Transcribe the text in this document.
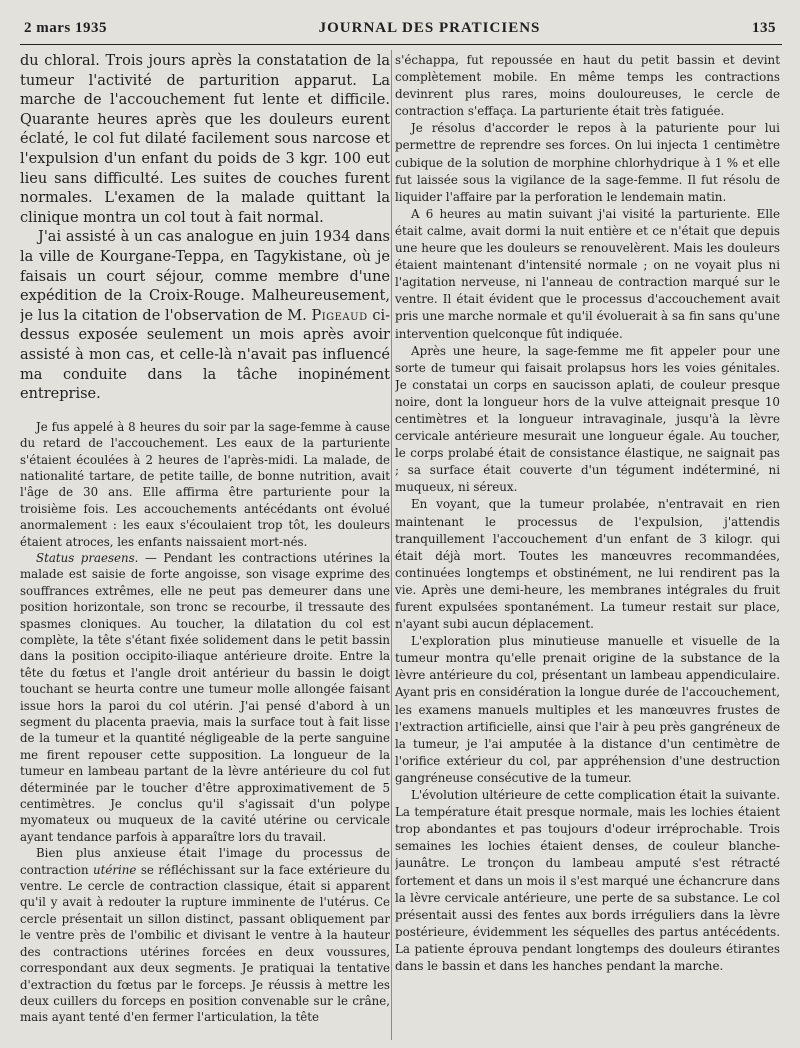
2 mars 1935	JOURNAL DES PRATICIENS	135

du chloral. Trois jours après la constatation de la tumeur l'activité de parturition apparut. La marche de l'accouchement fut lente et difficile. Quarante heures après que les douleurs eurent éclaté, le col fut dilaté facilement sous narcose et l'expulsion d'un enfant du poids de 3 kgr. 100 eut lieu sans difficulté. Les suites de couches furent normales. L'examen de la malade quittant la clinique montra un col tout à fait normal.

J'ai assisté à un cas analogue en juin 1934 dans la ville de Kourgane-Teppa, en Tagykistane, où je faisais un court séjour, comme membre d'une expédition de la Croix-Rouge. Malheureusement, je lus la citation de l'observation de M. Pigeaud ci-dessus exposée seulement un mois après avoir assisté à mon cas, et celle-là n'avait pas influencé ma conduite dans la tâche inopinément entreprise.

Je fus appelé à 8 heures du soir par la sage-femme à cause du retard de l'accouchement. Les eaux de la parturiente s'étaient écoulées à 2 heures de l'après-midi. La malade, de nationalité tartare, de petite taille, de bonne nutrition, avait l'âge de 30 ans. Elle affirma être parturiente pour la troisième fois. Les accouchements antécédants ont évolué anormalement : les eaux s'écoulaient trop tôt, les douleurs étaient atroces, les enfants naissaient mort-nés.

Status praesens. — Pendant les contractions utérines la malade est saisie de forte angoisse, son visage exprime des souffrances extrêmes, elle ne peut pas demeurer dans une position horizontale, son tronc se recourbe, il tressaute des spasmes cloniques. Au toucher, la dilatation du col est complète, la tête s'étant fixée solidement dans le petit bassin dans la position occipito-iliaque antérieure droite. Entre la tête du fœtus et l'angle droit antérieur du bassin le doigt touchant se heurta contre une tumeur molle allongée faisant issue hors la paroi du col utérin. J'ai pensé d'abord à un segment du placenta praevia, mais la surface tout à fait lisse de la tumeur et la quantité négligeable de la perte sanguine me firent repouser cette supposition. La longueur de la tumeur en lambeau partant de la lèvre antérieure du col fut déterminée par le toucher d'être approximativement de 5 centimètres. Je conclus qu'il s'agissait d'un polype myomateux ou muqueux de la cavité utérine ou cervicale ayant tendance parfois à apparaître lors du travail.

Bien plus anxieuse était l'image du processus de contraction utérine se réfléchissant sur la face extérieure du ventre. Le cercle de contraction classique, était si apparent qu'il y avait à redouter la rupture imminente de l'utérus. Ce cercle présentait un sillon distinct, passant obliquement par le ventre près de l'ombilic et divisant le ventre à la hauteur des contractions utérines forcées en deux voussures, correspondant aux deux segments. Je pratiquai la tentative d'extraction du fœtus par le forceps. Je réussis à mettre les deux cuillers du forceps en position convenable sur le crâne, mais ayant tenté d'en fermer l'articulation, la tête

s'échappa, fut repoussée en haut du petit bassin et devint complètement mobile. En même temps les contractions devinrent plus rares, moins douloureuses, le cercle de contraction s'effaça. La parturiente était très fatiguée.

Je résolus d'accorder le repos à la paturiente pour lui permettre de reprendre ses forces. On lui injecta 1 centimètre cubique de la solution de morphine chlorhydrique à 1 % et elle fut laissée sous la vigilance de la sage-femme. Il fut résolu de liquider l'affaire par la perforation le lendemain matin.

A 6 heures au matin suivant j'ai visité la parturiente. Elle était calme, avait dormi la nuit entière et ce n'était que depuis une heure que les douleurs se renouvelèrent. Mais les douleurs étaient maintenant d'intensité normale ; on ne voyait plus ni l'agitation nerveuse, ni l'anneau de contraction marqué sur le ventre. Il était évident que le processus d'accouchement avait pris une marche normale et qu'il évoluerait à sa fin sans qu'une intervention quelconque fût indiquée.

Après une heure, la sage-femme me fit appeler pour une sorte de tumeur qui faisait prolapsus hors les voies génitales. Je constatai un corps en saucisson aplati, de couleur presque noire, dont la longueur hors de la vulve atteignait presque 10 centimètres et la longueur intravaginale, jusqu'à la lèvre cervicale antérieure mesurait une longueur égale. Au toucher, le corps prolabé était de consistance élastique, ne saignait pas ; sa surface était couverte d'un tégument indéterminé, ni muqueux, ni séreux.

En voyant, que la tumeur prolabée, n'entravait en rien maintenant le processus de l'expulsion, j'attendis tranquillement l'accouchement d'un enfant de 3 kilogr. qui était déjà mort. Toutes les manœuvres recommandées, continuées longtemps et obstinément, ne lui rendirent pas la vie. Après une demi-heure, les membranes intégrales du fruit furent expulsées spontanément. La tumeur restait sur place, n'ayant subi aucun déplacement.

L'exploration plus minutieuse manuelle et visuelle de la tumeur montra qu'elle prenait origine de la substance de la lèvre antérieure du col, présentant un lambeau appendiculaire. Ayant pris en considération la longue durée de l'accouchement, les examens manuels multiples et les manœuvres frustes de l'extraction artificielle, ainsi que l'air à peu près gangréneux de la tumeur, je l'ai amputée à la distance d'un centimètre de l'orifice extérieur du col, par appréhension d'une destruction gangréneuse consécutive de la tumeur.

L'évolution ultérieure de cette complication était la suivante. La température était presque normale, mais les lochies étaient trop abondantes et pas toujours d'odeur irréprochable. Trois semaines les lochies étaient denses, de couleur blanche-jaunâtre. Le tronçon du lambeau amputé s'est rétracté fortement et dans un mois il s'est marqué une échancrure dans la lèvre cervicale antérieure, une perte de sa substance. Le col présentait aussi des fentes aux bords irréguliers dans la lèvre postérieure, évidemment les séquelles des partus antécédents. La patiente éprouva pendant longtemps des douleurs étirantes dans le bassin et dans les hanches pendant la marche.
